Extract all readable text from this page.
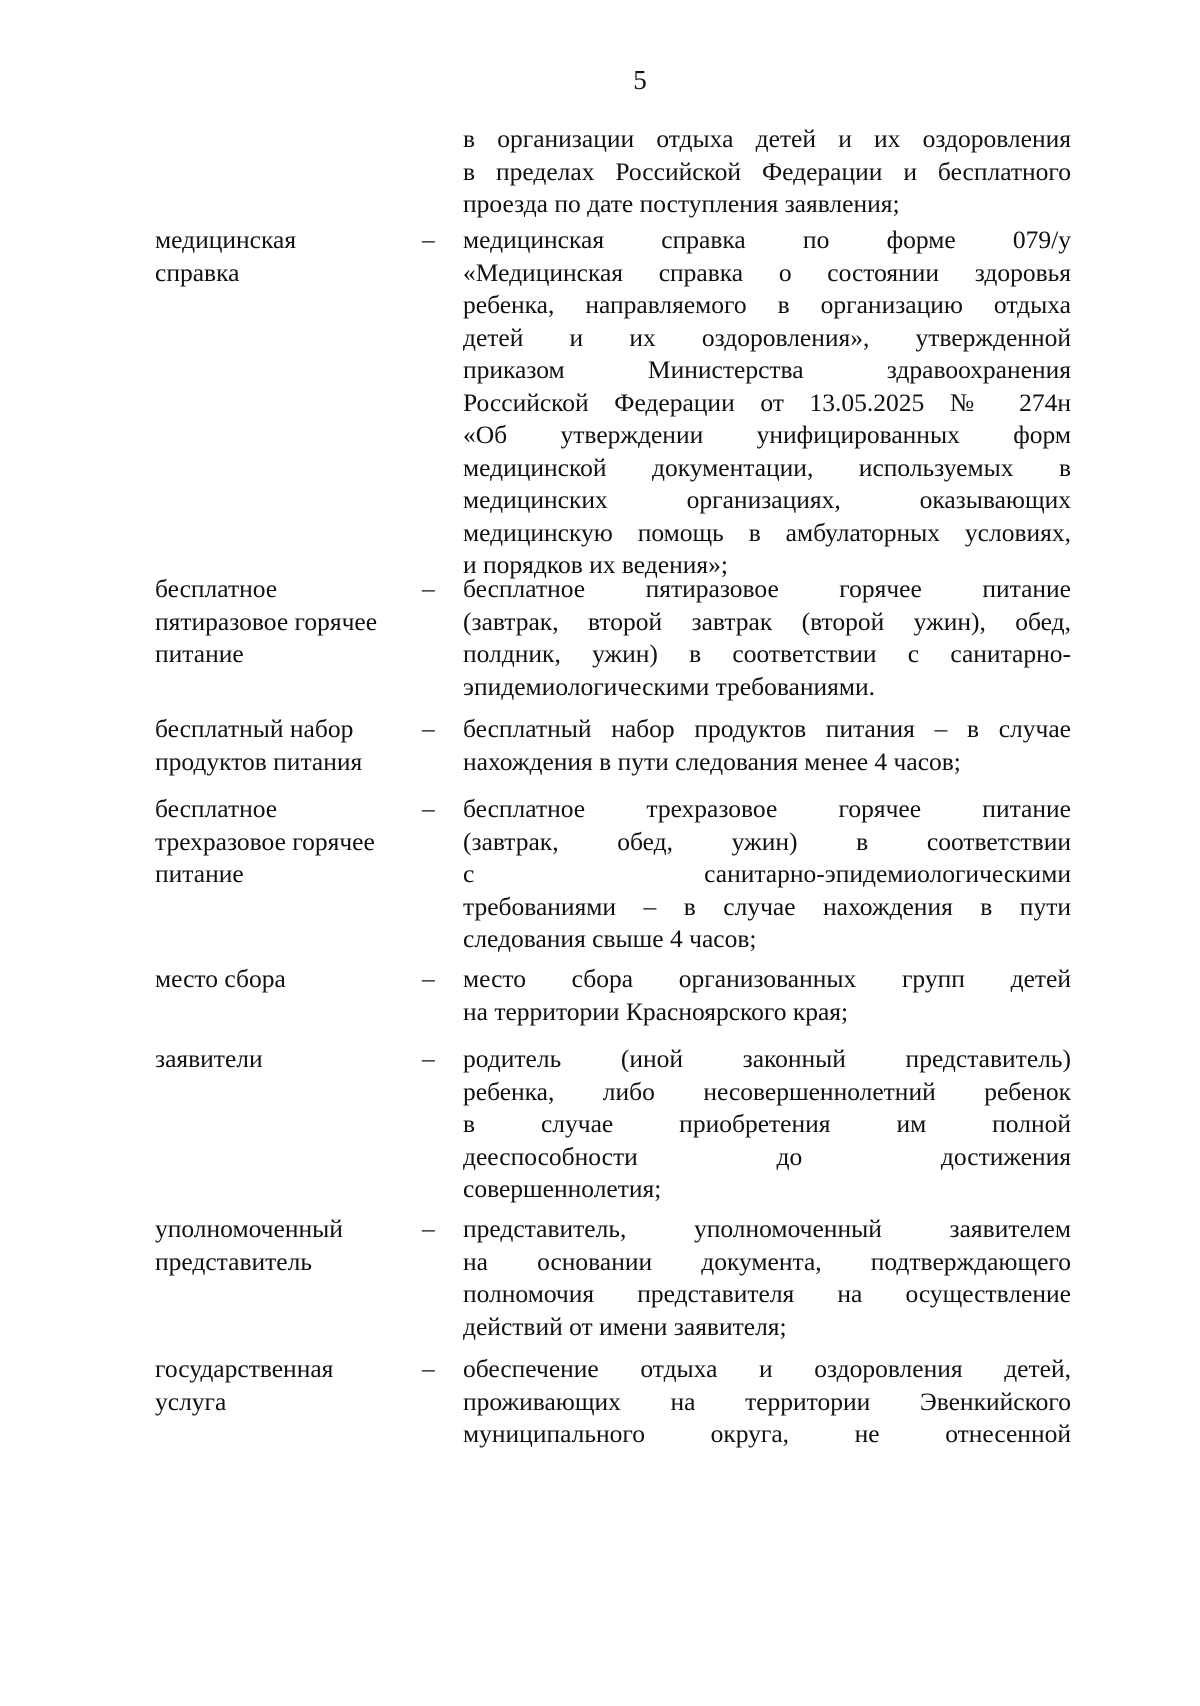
5
в организации отдыха детей и их оздоровления
в пределах Российской Федерации и бесплатного
проезда по дате поступления заявления;
медицинская
справка
– медицинская справка по форме 079/у
«Медицинская справка о состоянии здоровья
ребенка, направляемого в организацию отдыха
детей и их оздоровления», утвержденной
приказом Министерства здравоохранения
Российской Федерации от 13.05.2025 № 274н
«Об утверждении унифицированных форм
медицинской документации, используемых в
медицинских организациях, оказывающих
медицинскую помощь в амбулаторных условиях,
и порядков их ведения»;
бесплатное
пятиразовое горячее
питание
– бесплатное пятиразовое горячее питание
(завтрак, второй завтрак (второй ужин), обед,
полдник, ужин) в соответствии с санитарно-
эпидемиологическими требованиями.
бесплатный набор
продуктов питания
– бесплатный набор продуктов питания – в случае
нахождения в пути следования менее 4 часов;
бесплатное
трехразовое горячее
питание
– бесплатное трехразовое горячее питание
(завтрак, обед, ужин) в соответствии
с санитарно-эпидемиологическими
требованиями – в случае нахождения в пути
следования свыше 4 часов;
место сбора	– место сбора организованных групп детей
на территории Красноярского края;
заявители	– родитель (иной законный представитель)
ребенка, либо несовершеннолетний ребенок
в случае приобретения им полной
дееспособности до достижения
совершеннолетия;
уполномоченный
представитель
– представитель, уполномоченный заявителем
на основании документа, подтверждающего
полномочия представителя на осуществление
действий от имени заявителя;
государственная
услуга
– обеспечение отдыха и оздоровления детей,
проживающих на территории Эвенкийского
муниципального округа, не отнесенной
